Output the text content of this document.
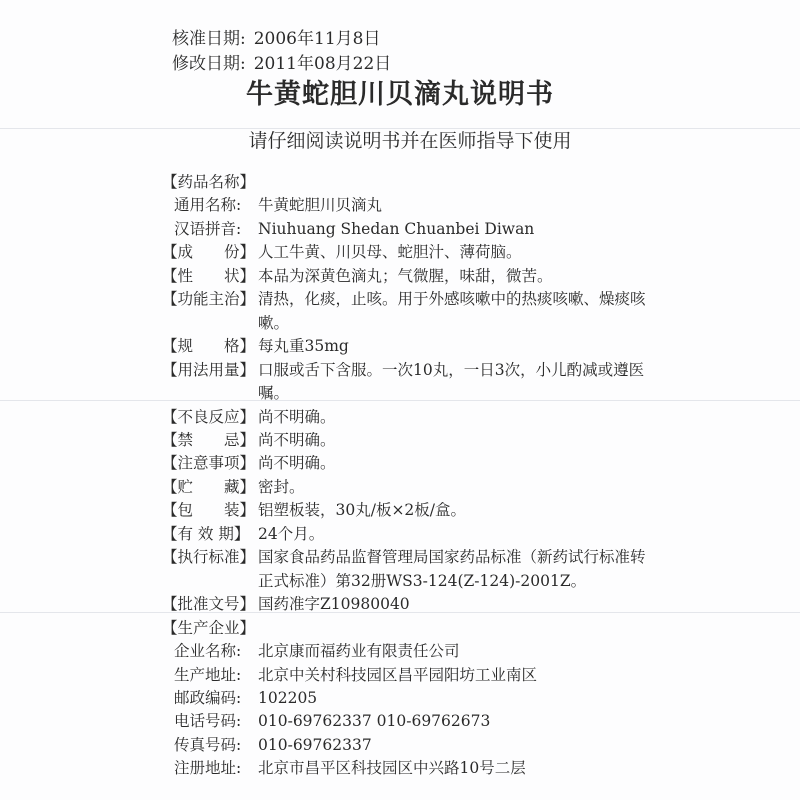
核准日期: 2006年11月8日
修改日期: 2011年08月22日
牛黄蛇胆川贝滴丸说明书
请仔细阅读说明书并在医师指导下使用
【药品名称】
通用名称:	牛黄蛇胆川贝滴丸
汉语拼音:	Niuhuang Shedan Chuanbei Diwan
【成　　份】 人工牛黄、川贝母、蛇胆汁、薄荷脑。
【性　　状】 本品为深黄色滴丸；气微腥，味甜，微苦。
【功能主治】 清热，化痰，止咳。用于外感咳嗽中的热痰咳嗽、燥痰咳嗽。
【规　　格】 每丸重35mg
【用法用量】 口服或舌下含服。一次10丸，一日3次，小儿酌减或遵医嘱。
【不良反应】 尚不明确。
【禁　　忌】 尚不明确。
【注意事项】 尚不明确。
【贮　　藏】 密封。
【包　　装】 铝塑板装，30丸/板×2板/盒。
【有 效 期】 24个月。
【执行标准】 国家食品药品监督管理局国家药品标准（新药试行标准转正式标准）第32册WS3-124(Z-124)-2001Z。
【批准文号】 国药准字Z10980040
【生产企业】
企业名称:	北京康而福药业有限责任公司
生产地址:	北京中关村科技园区昌平园阳坊工业南区
邮政编码:	102205
电话号码:	010-69762337 010-69762673
传真号码:	010-69762337
注册地址:	北京市昌平区科技园区中兴路10号二层
